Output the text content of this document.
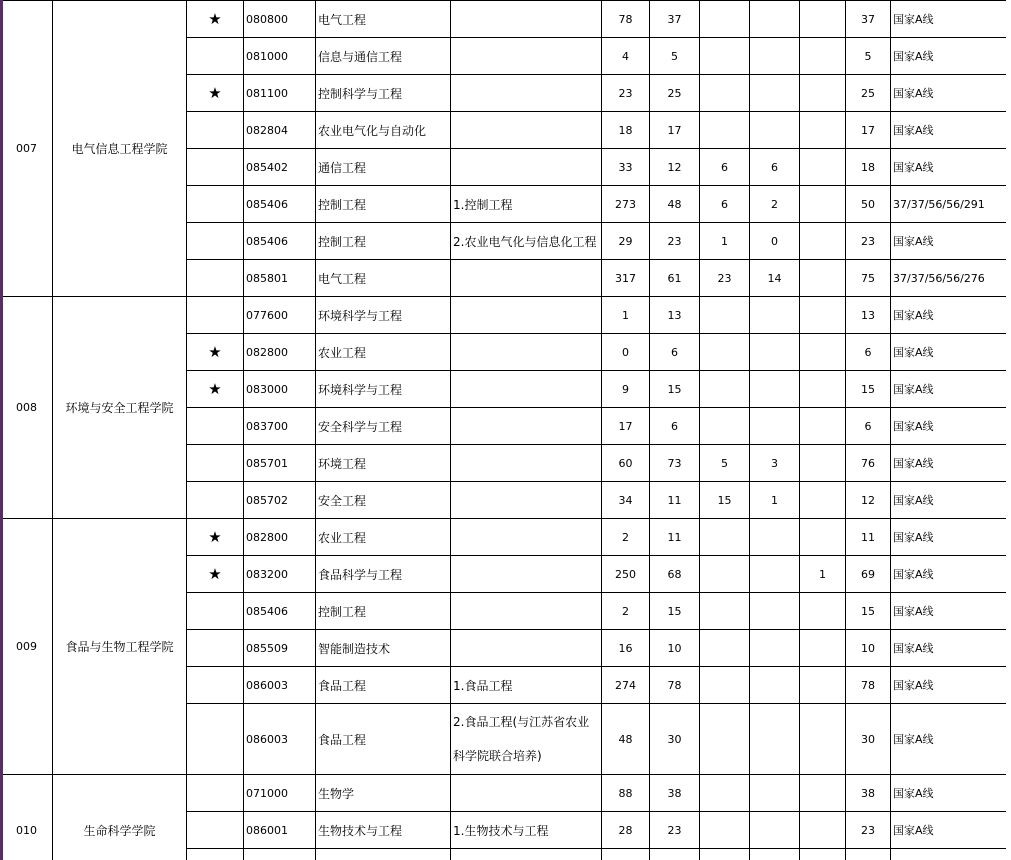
007	电气信息工程学院	★	080800	电气工程		78	37				37	国家A线
			081000	信息与通信工程		4	5				5	国家A线
		★	081100	控制科学与工程		23	25				25	国家A线
			082804	农业电气化与自动化		18	17				17	国家A线
			085402	通信工程		33	12	6	6		18	国家A线
			085406	控制工程	1.控制工程	273	48	6	2		50	37/37/56/56/291
			085406	控制工程	2.农业电气化与信息化工程	29	23	1	0		23	国家A线
			085801	电气工程		317	61	23	14		75	37/37/56/56/276
008	环境与安全工程学院		077600	环境科学与工程		1	13				13	国家A线
		★	082800	农业工程		0	6				6	国家A线
		★	083000	环境科学与工程		9	15				15	国家A线
			083700	安全科学与工程		17	6				6	国家A线
			085701	环境工程		60	73	5	3		76	国家A线
			085702	安全工程		34	11	15	1		12	国家A线
009	食品与生物工程学院	★	082800	农业工程		2	11				11	国家A线
		★	083200	食品科学与工程		250	68			1	69	国家A线
			085406	控制工程		2	15				15	国家A线
			085509	智能制造技术		16	10				10	国家A线
			086003	食品工程	1.食品工程	274	78				78	国家A线
			086003	食品工程	2.食品工程(与江苏省农业科学院联合培养)	48	30				30	国家A线
010	生命科学学院		071000	生物学		88	38				38	国家A线
			086001	生物技术与工程	1.生物技术与工程	28	23				23	国家A线
